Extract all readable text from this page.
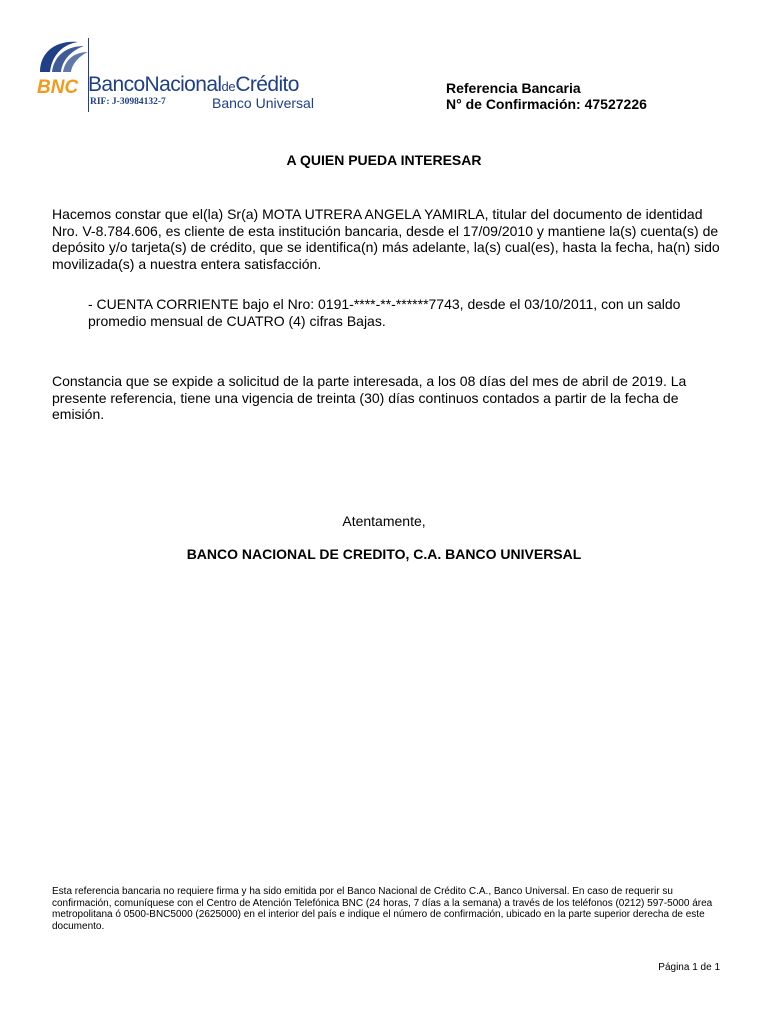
BNC BancoNacionaldeCrédito
RIF: J-30984132-7	Banco Universal
Referencia Bancaria
N° de Confirmación: 47527226
A QUIEN PUEDA INTERESAR
Hacemos constar que el(la) Sr(a) MOTA UTRERA ANGELA YAMIRLA, titular del documento de identidad Nro. V-8.784.606, es cliente de esta institución bancaria, desde el 17/09/2010 y mantiene la(s) cuenta(s) de depósito y/o tarjeta(s) de crédito, que se identifica(n) más adelante, la(s) cual(es), hasta la fecha, ha(n) sido movilizada(s) a nuestra entera satisfacción.
- CUENTA CORRIENTE bajo el Nro: 0191-****-**-******7743, desde el 03/10/2011, con un saldo promedio mensual de CUATRO (4) cifras Bajas.
Constancia que se expide a solicitud de la parte interesada, a los 08 días del mes de abril de 2019. La presente referencia, tiene una vigencia de treinta (30) días continuos contados a partir de la fecha de emisión.
Atentamente,
BANCO NACIONAL DE CREDITO, C.A. BANCO UNIVERSAL
Esta referencia bancaria no requiere firma y ha sido emitida por el Banco Nacional de Crédito C.A., Banco Universal. En caso de requerir su confirmación, comuníquese con el Centro de Atención Telefónica BNC (24 horas, 7 días a la semana) a través de los teléfonos (0212) 597-5000 área metropolitana ó 0500-BNC5000 (2625000) en el interior del país e indique el número de confirmación, ubicado en la parte superior derecha de este documento.
Página 1 de 1
